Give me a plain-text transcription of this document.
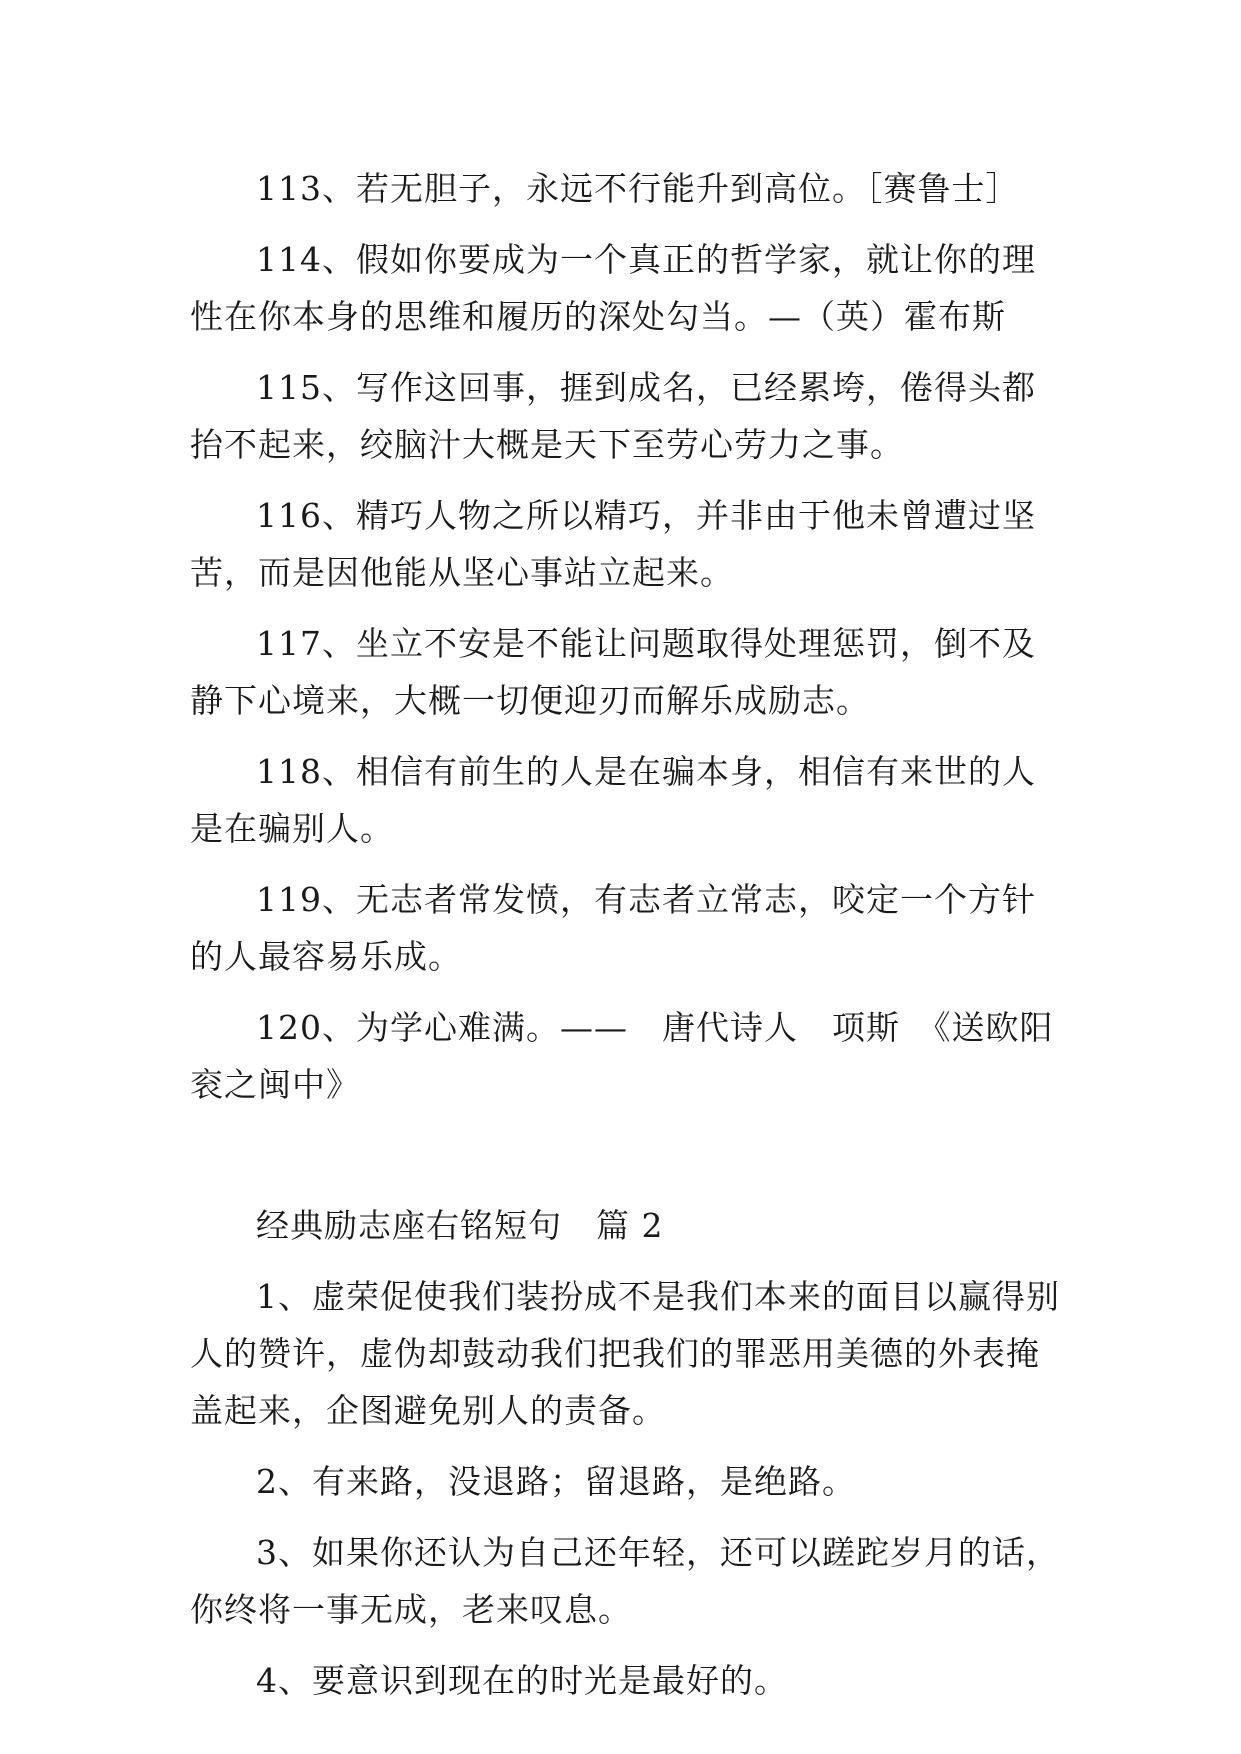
113、若无胆子，永远不行能升到高位。［赛鲁士］

114、假如你要成为一个真正的哲学家，就让你的理性在你本身的思维和履历的深处勾当。—（英）霍布斯

115、写作这回事，捱到成名，已经累垮，倦得头都抬不起来，绞脑汁大概是天下至劳心劳力之事。

116、精巧人物之所以精巧，并非由于他未曾遭过坚苦，而是因他能从坚心事站立起来。

117、坐立不安是不能让问题取得处理惩罚，倒不及静下心境来，大概一切便迎刃而解乐成励志。

118、相信有前生的人是在骗本身，相信有来世的人是在骗别人。

119、无志者常发愤，有志者立常志，咬定一个方针的人最容易乐成。

120、为学心难满。——　唐代诗人　项斯　《送欧阳衮之闽中》

经典励志座右铭短句　篇 2

1、虚荣促使我们装扮成不是我们本来的面目以赢得别人的赞许，虚伪却鼓动我们把我们的罪恶用美德的外表掩盖起来，企图避免别人的责备。

2、有来路，没退路；留退路，是绝路。

3、如果你还认为自己还年轻，还可以蹉跎岁月的话，你终将一事无成，老来叹息。

4、要意识到现在的时光是最好的。
